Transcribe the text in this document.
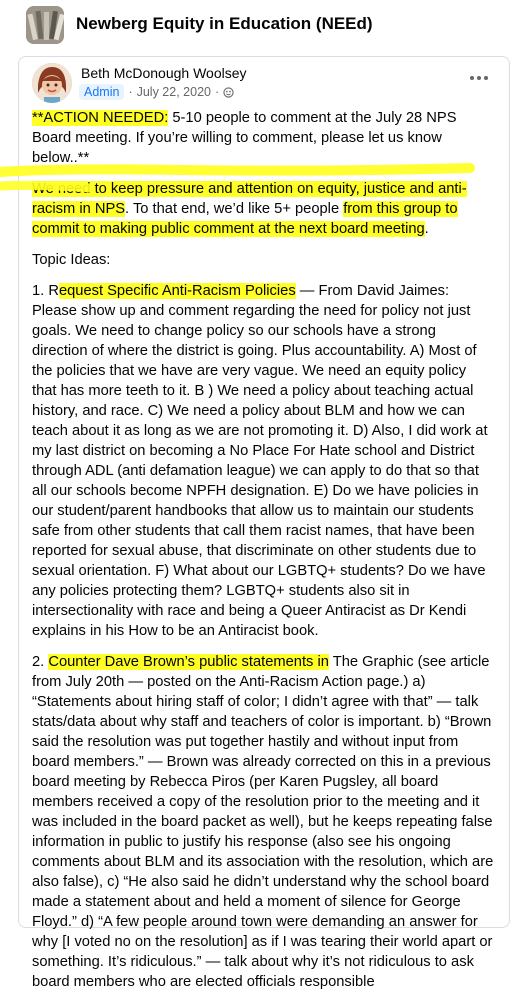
Newberg Equity in Education (NEEd)
Beth McDonough Woolsey
Admin · July 22, 2020 ·

**ACTION NEEDED: 5-10 people to comment at the July 28 NPS Board meeting. If you’re willing to comment, please let us know below..**

We need to keep pressure and attention on equity, justice and anti-racism in NPS. To that end, we’d like 5+ people from this group to commit to making public comment at the next board meeting.

Topic Ideas:

1. Request Specific Anti-Racism Policies — From David Jaimes: Please show up and comment regarding the need for policy not just goals. We need to change policy so our schools have a strong direction of where the district is going. Plus accountability. A) Most of the policies that we have are very vague. We need an equity policy that has more teeth to it. B ) We need a policy about teaching actual history, and race. C) We need a policy about BLM and how we can teach about it as long as we are not promoting it. D) Also, I did work at my last district on becoming a No Place For Hate school and District through ADL (anti defamation league) we can apply to do that so that all our schools become NPFH designation. E) Do we have policies in our student/parent handbooks that allow us to maintain our students safe from other students that call them racist names, that have been reported for sexual abuse, that discriminate on other students due to sexual orientation. F) What about our LGBTQ+ students? Do we have any policies protecting them? LGBTQ+ students also sit in intersectionality with race and being a Queer Antiracist as Dr Kendi explains in his How to be an Antiracist book.

2. Counter Dave Brown’s public statements in The Graphic (see article from July 20th — posted on the Anti-Racism Action page.) a) “Statements about hiring staff of color; I didn’t agree with that” — talk stats/data about why staff and teachers of color is important. b) “Brown said the resolution was put together hastily and without input from board members.” — Brown was already corrected on this in a previous board meeting by Rebecca Piros (per Karen Pugsley, all board members received a copy of the resolution prior to the meeting and it was included in the board packet as well), but he keeps repeating false information in public to justify his response (also see his ongoing comments about BLM and its association with the resolution, which are also false), c) “He also said he didn’t understand why the school board made a statement about and held a moment of silence for George Floyd.” d) “A few people around town were demanding an answer for why [I voted no on the resolution] as if I was tearing their world apart or something. It’s ridiculous.” — talk about why it’s not ridiculous to ask board members who are elected officials responsible
